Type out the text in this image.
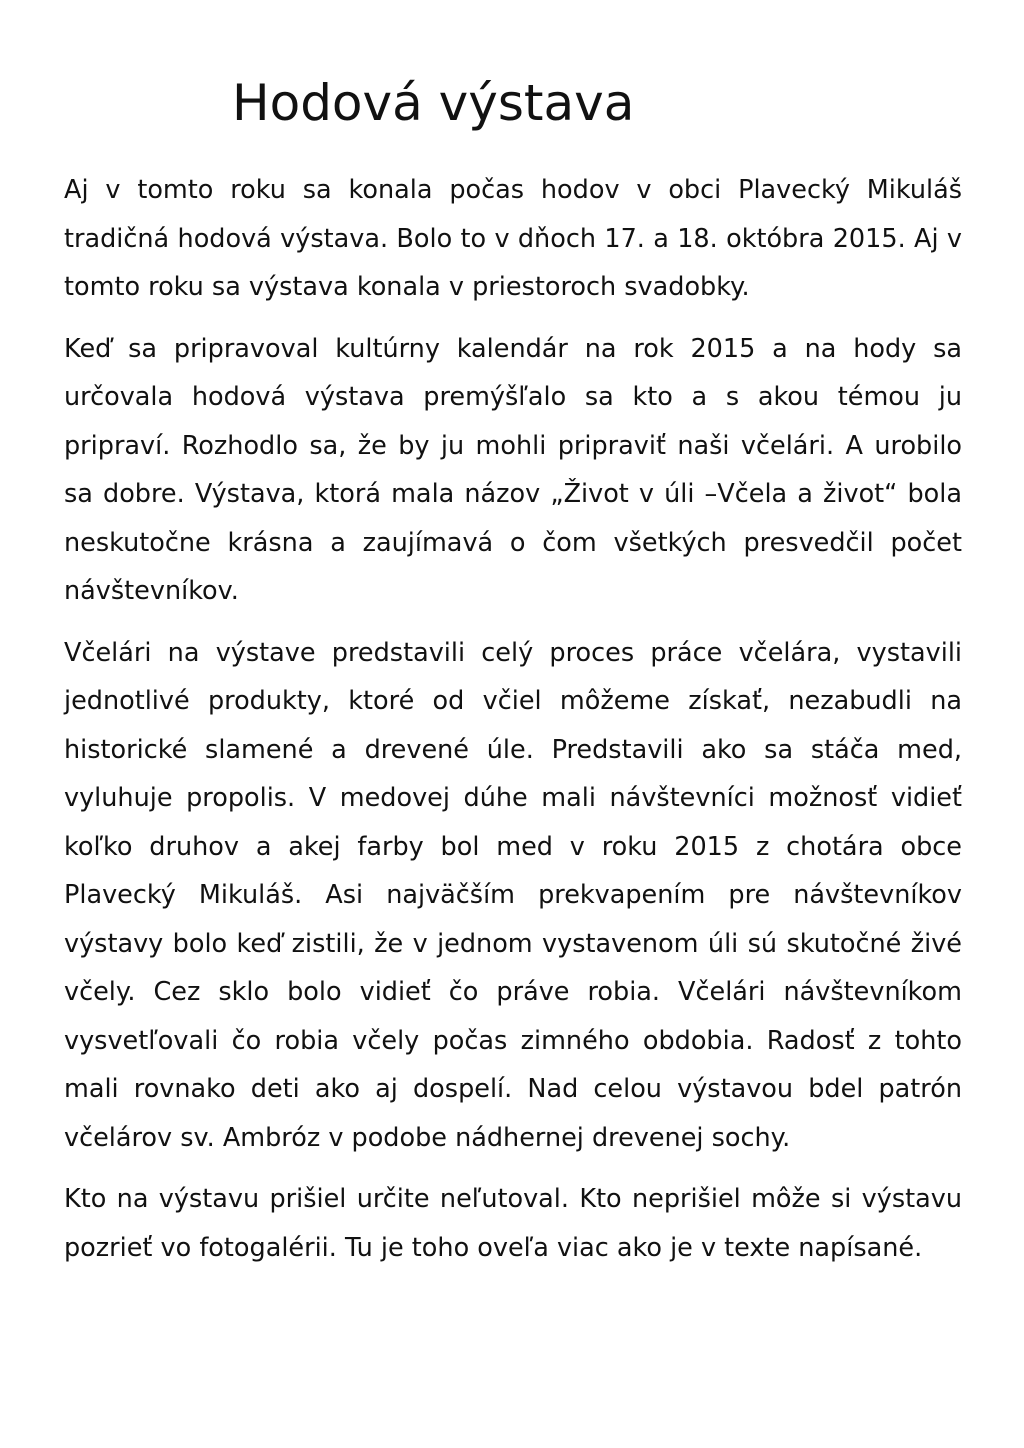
Hodová výstava

Aj v tomto roku sa konala počas hodov v obci Plavecký Mikuláš tradičná hodová výstava. Bolo to v dňoch 17. a 18. októbra 2015. Aj v tomto roku sa výstava konala v priestoroch svadobky.

Keď sa pripravoval kultúrny kalendár na rok 2015 a na hody sa určovala hodová výstava premýšľalo sa kto a s akou témou ju pripraví. Rozhodlo sa, že by ju mohli pripraviť naši včelári. A urobilo sa dobre. Výstava, ktorá mala názov „Život v úli –Včela a život“ bola neskutočne krásna a zaujímavá o čom všetkých presvedčil počet návštevníkov.

Včelári na výstave predstavili celý proces práce včelára, vystavili jednotlivé produkty, ktoré od včiel môžeme získať, nezabudli na historické slamené a drevené úle. Predstavili ako sa stáča med, vyluhuje propolis. V medovej dúhe mali návštevníci možnosť vidieť koľko druhov a akej farby bol med v roku 2015 z chotára obce Plavecký Mikuláš. Asi najväčším prekvapením pre návštevníkov výstavy bolo keď zistili, že v jednom vystavenom úli sú skutočné živé včely. Cez sklo bolo vidieť čo práve robia. Včelári návštevníkom vysvetľovali čo robia včely počas zimného obdobia. Radosť z tohto mali rovnako deti ako aj dospelí. Nad celou výstavou bdel patrón včelárov sv. Ambróz v podobe nádhernej drevenej sochy.

Kto na výstavu prišiel určite neľutoval. Kto neprišiel môže si výstavu pozrieť vo fotogalérii. Tu je toho oveľa viac ako je v texte napísané.
